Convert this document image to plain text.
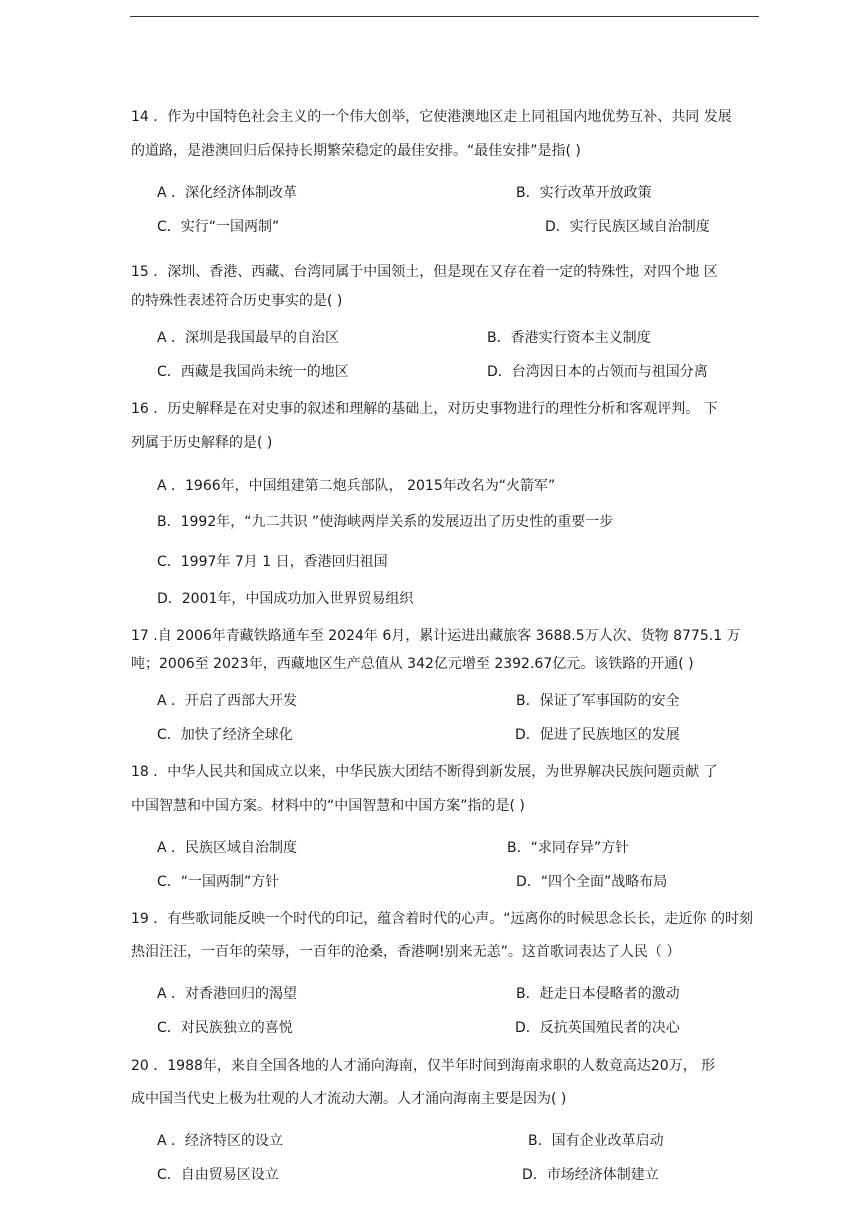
14 ．作为中国特色社会主义的一个伟大创举，它使港澳地区走上同祖国内地优势互补、共同 发展
的道路，是港澳回归后保持长期繁荣稳定的最佳安排。“最佳安排”是指( )
A ．深化经济体制改革	B．实行改革开放政策
C．实行“一国两制”	D．实行民族区域自治制度
15 ．深圳、香港、西藏、台湾同属于中国领土，但是现在又存在着一定的特殊性，对四个地 区
的特殊性表述符合历史事实的是( )
A ．深圳是我国最早的自治区	B．香港实行资本主义制度
C．西藏是我国尚未统一的地区	D．台湾因日本的占领而与祖国分离
16 ．历史解释是在对史事的叙述和理解的基础上，对历史事物进行的理性分析和客观评判。 下
列属于历史解释的是( )
A ．1966年，中国组建第二炮兵部队， 2015年改名为“火箭军”
B．1992年，“九二共识 ”使海峡两岸关系的发展迈出了历史性的重要一步
C．1997年 7月 1 日，香港回归祖国
D．2001年，中国成功加入世界贸易组织
17 .自 2006年青藏铁路通车至 2024年 6月，累计运进出藏旅客 3688.5万人次、货物 8775.1 万
吨；2006至 2023年，西藏地区生产总值从 342亿元增至 2392.67亿元。该铁路的开通( )
A ．开启了西部大开发	B．保证了军事国防的安全
C．加快了经济全球化	D．促进了民族地区的发展
18 ．中华人民共和国成立以来，中华民族大团结不断得到新发展，为世界解决民族问题贡献 了
中国智慧和中国方案。材料中的“中国智慧和中国方案”指的是( )
A ．民族区域自治制度	B．“求同存异”方针
C．“一国两制”方针	D．“四个全面”战略布局
19 ．有些歌词能反映一个时代的印记，蕴含着时代的心声。“远离你的时候思念长长，走近你 的时刻
热泪汪汪，一百年的荣辱，一百年的沧桑，香港啊!别来无恙”。这首歌词表达了人民（ ）
A ．对香港回归的渴望	B．赶走日本侵略者的激动
C．对民族独立的喜悦	D．反抗英国殖民者的决心
20 ．1988年，来自全国各地的人才涌向海南，仅半年时间到海南求职的人数竟高达20万， 形
成中国当代史上极为壮观的人才流动大潮。人才涌向海南主要是因为( )
A ．经济特区的设立	B．国有企业改革启动
C．自由贸易区设立	D．市场经济体制建立
